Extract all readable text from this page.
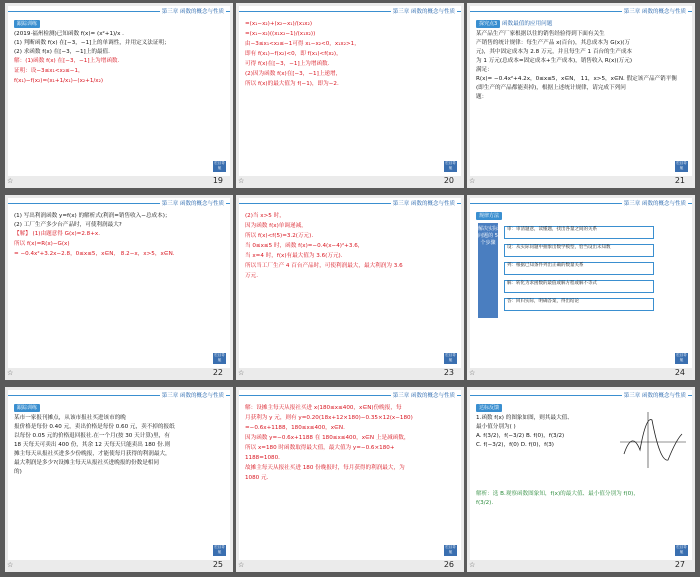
第三章 函数的概念与性质
跟踪训练
(2019·福州检测)已知函数 f(x)= (x²+1)/x .
(1) 判断函数 f(x) 在[−3，−1]上的单调性，并用定义法证明；
(2) 求函数 f(x) 在[−3，−1]上的最值.
解：(1)函数 f(x) 在[−3，−1]上为增函数.
证明：设−3≤x₁<x₂≤−1，
f(x₁)−f(x₂)=(x₁+1/x₁)−(x₂+1/x₂)
栏目导航
☆	19
第三章 函数的概念与性质
=(x₁−x₂)+(x₂−x₁)/(x₁x₂)
=(x₁−x₂)((x₁x₂−1)/(x₁x₂))
由−3≤x₁<x₂≤−1可得 x₁−x₂<0，x₁x₂>1，
即有 f(x₁)−f(x₂)<0，即 f(x₁)<f(x₂)，
可得 f(x)在[−3，−1]上为增函数.
(2)因为函数 f(x)在[−3，−1]上递增，
所以 f(x)的最大值为 f(−1)，即为−2.
栏目导航
☆	20
第三章 函数的概念与性质
探究点3 函数最值的应用问题
某产品生产厂家根据以往的销售经验得到下面有关生
产销售的统计规律：每生产产品 x(百台)，其总成本为 G(x)(万
元)，其中固定成本为 2.8 万元，并且每生产 1 百台的生产成本
为 1 万元(总成本=固定成本+生产成本)，销售收入 R(x)(万元)
满足：
R(x)= −0.4x²+4.2x，0≤x≤5，x∈N， 11，x>5，x∈N. 假定该产品产销平衡
(即生产的产品都能卖掉)，根据上述统计规律，请完成下列问
题：
栏目导航
☆	21
第三章 函数的概念与性质
(1) 写出利润函数 y=f(x) 的解析式(利润=销售收入−总成本)；
(2) 工厂生产多少台产品时，可使利润最大?
【解】 (1)由题意得 G(x)=2.8+x.
所以 f(x)=R(x)−G(x)
= −0.4x²+3.2x−2.8，0≤x≤5，x∈N， 8.2−x，x>5，x∈N.
栏目导航
☆	22
第三章 函数的概念与性质
(2)当 x>5 时，
因为函数 f(x)单调递减，
所以 f(x)<f(5)=3.2(万元).
当 0≤x≤5 时，函数 f(x)=−0.4(x−4)²+3.6，
当 x=4 时，f(x)有最大值为 3.6(万元).
所以当工厂生产 4 百台产品时，可使利润最大，最大利润为 3.6
万元.
栏目导航
☆	23
第三章 函数的概念与性质
规律方法
解决实际问题的 5 个步骤
审：审清题意，读懂题，找出各量之间的关系
设：从实际问题中抽象出数学模型，恰当设出未知数
列：根据已知条件列出正确的数量关系
解：转化为求函数的最值或解方程或解不等式
答：回归实际，明确答案，得出结论
栏目导航
☆	24
第三章 函数的概念与性质
跟踪训练
某市一家报刊摊点，从该市报社买进该市的晚
报价格是每份 0.40 元，卖出价格是每份 0.60 元，卖不掉的报纸
以每份 0.05 元的价格退回报社.在一个月(按 30 天计算)里，有
18 天每天可卖出 400 份，其余 12 天每天只能卖出 180 份.则
摊主每天从报社买进多少份晚报，才能使每月获得的利润最大，
最大利润是多少?(设摊主每天从报社买进晚报的份数是相同
的)
栏目导航
☆	25
第三章 函数的概念与性质
解：设摊主每天从报社买进 x(180≤x≤400，x∈N)份晚报，每
月获利为 y 元，则有 y=0.20(18x+12×180)−0.35×12(x−180)
=−0.6x+1188，180≤x≤400，x∈N.
因为函数 y=−0.6x+1188 在 180≤x≤400，x∈N 上是减函数，
所以 x=180 时函数取得最大值，最大值为 y=−0.6×180+
1188=1080.
故摊主每天从报社买进 180 份晚报时，每月获得的利润最大，为
1080 元.
栏目导航
☆	26
第三章 函数的概念与性质
达标反馈
1.函数 f(x) 的图象如图，则其最大值、
最小值分别为( )
A. f(3/2)，f(−3/2) B. f(0)，f(3/2)
C. f(−3/2)，f(0) D. f(0)，f(3)
解析：选 B.观察函数图象知，f(x)的最大值、最小值分别为 f(0)，
f(3/2).
栏目导航
☆	27
